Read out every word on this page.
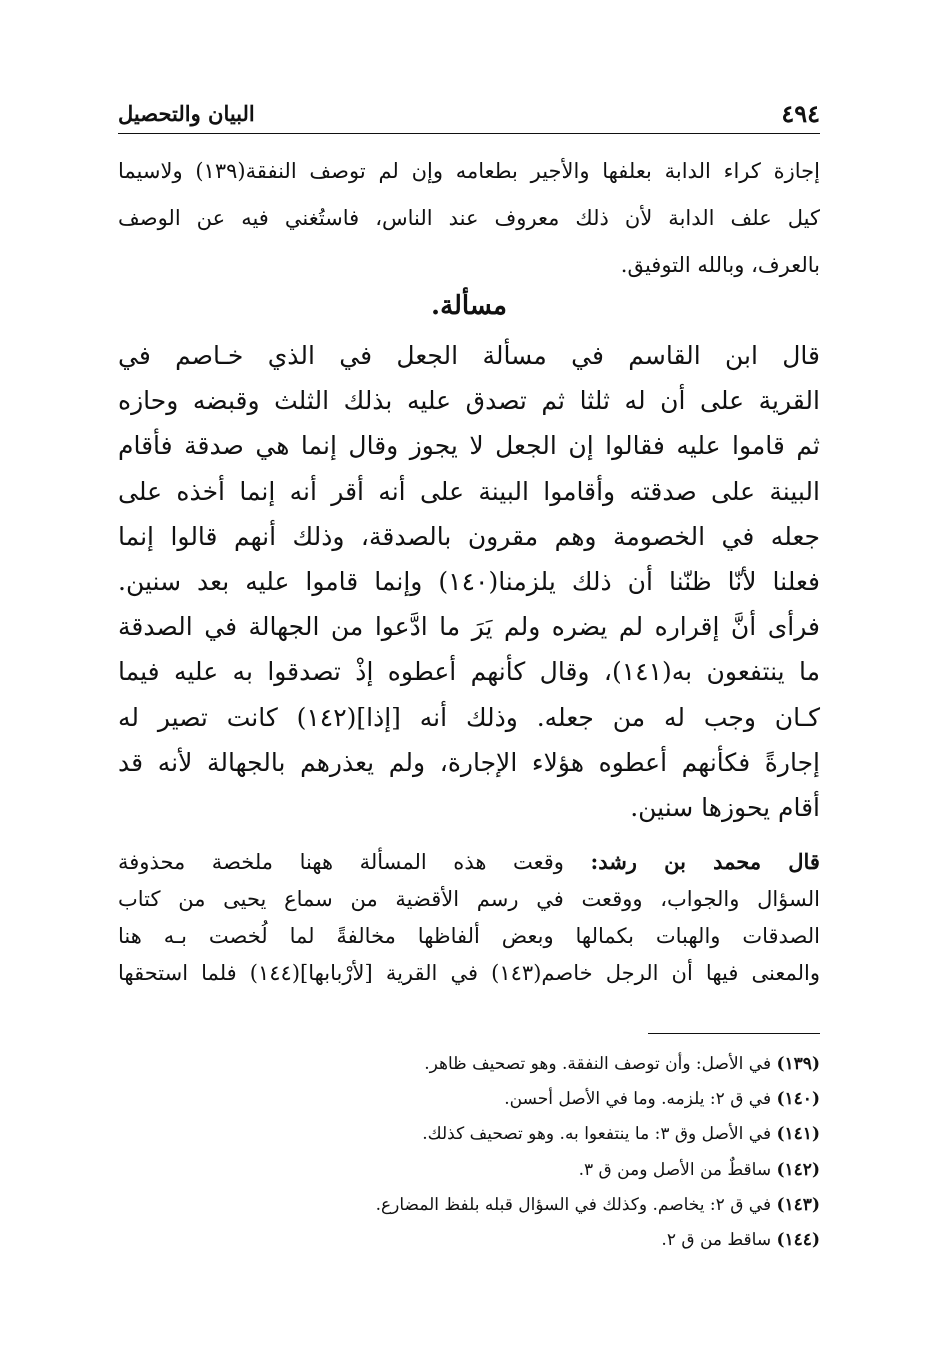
٤٩٤
البيان والتحصيل
إجازة كراء الدابة بعلفها والأجير بطعامه وإن لم توصف النفقة(١٣٩) ولاسيما
كيل علف الدابة لأن ذلك معروف عند الناس، فاستُغني فيه عن الوصف
بالعرف، وبالله التوفيق.
مسألة.
قال ابن القاسم في مسألة الجعل في الذي خـاصم في
القرية على أن له ثلثا ثم تصدق عليه بذلك الثلث وقبضه وحازه
ثم قاموا عليه فقالوا إن الجعل لا يجوز وقال إنما هي صدقة فأقام
البينة على صدقته وأقاموا البينة على أنه أقر أنه إنما أخذه على
جعله في الخصومة وهم مقرون بالصدقة، وذلك أنهم قالوا إنما
فعلنا لأنّا ظنّنا أن ذلك يلزمنا(١٤٠) وإنما قاموا عليه بعد سنين.
فرأى أنَّ إقراره لم يضره ولم يَرَ ما ادَّعوا من الجهالة في الصدقة
ما ينتفعون به(١٤١)، وقال كأنهم أعطوه إذْ تصدقوا به عليه فيما
كـان وجب له من جعله. وذلك أنه [إذا](١٤٢) كانت تصير له
إجارةً فكأنهم أعطوه هؤلاء الإجارة، ولم يعذرهم بالجهالة لأنه قد
أقام يحوزها سنين.
قال محمد بن رشد: وقعت هذه المسألة ههنا ملخصة محذوفة
السؤال والجواب، ووقعت في رسم الأقضية من سماع يحيى من كتاب
الصدقات والهبات بكمالها وبعض ألفاظها مخالفةً لما لُخصت بـه هنا
والمعنى فيها أن الرجل خاصم(١٤٣) في القرية [لأرْبابها](١٤٤) فلما استحقها
(١٣٩) في الأصل: وأن توصف النفقة. وهو تصحيف ظاهر.
(١٤٠) في ق ٢: يلزمه. وما في الأصل أحسن.
(١٤١) في الأصل وق ٣: ما ينتفعوا به. وهو تصحيف كذلك.
(١٤٢) ساقطٌ من الأصل ومن ق ٣.
(١٤٣) في ق ٢: يخاصم. وكذلك في السؤال قبله بلفظ المضارع.
(١٤٤) ساقط من ق ٢.
